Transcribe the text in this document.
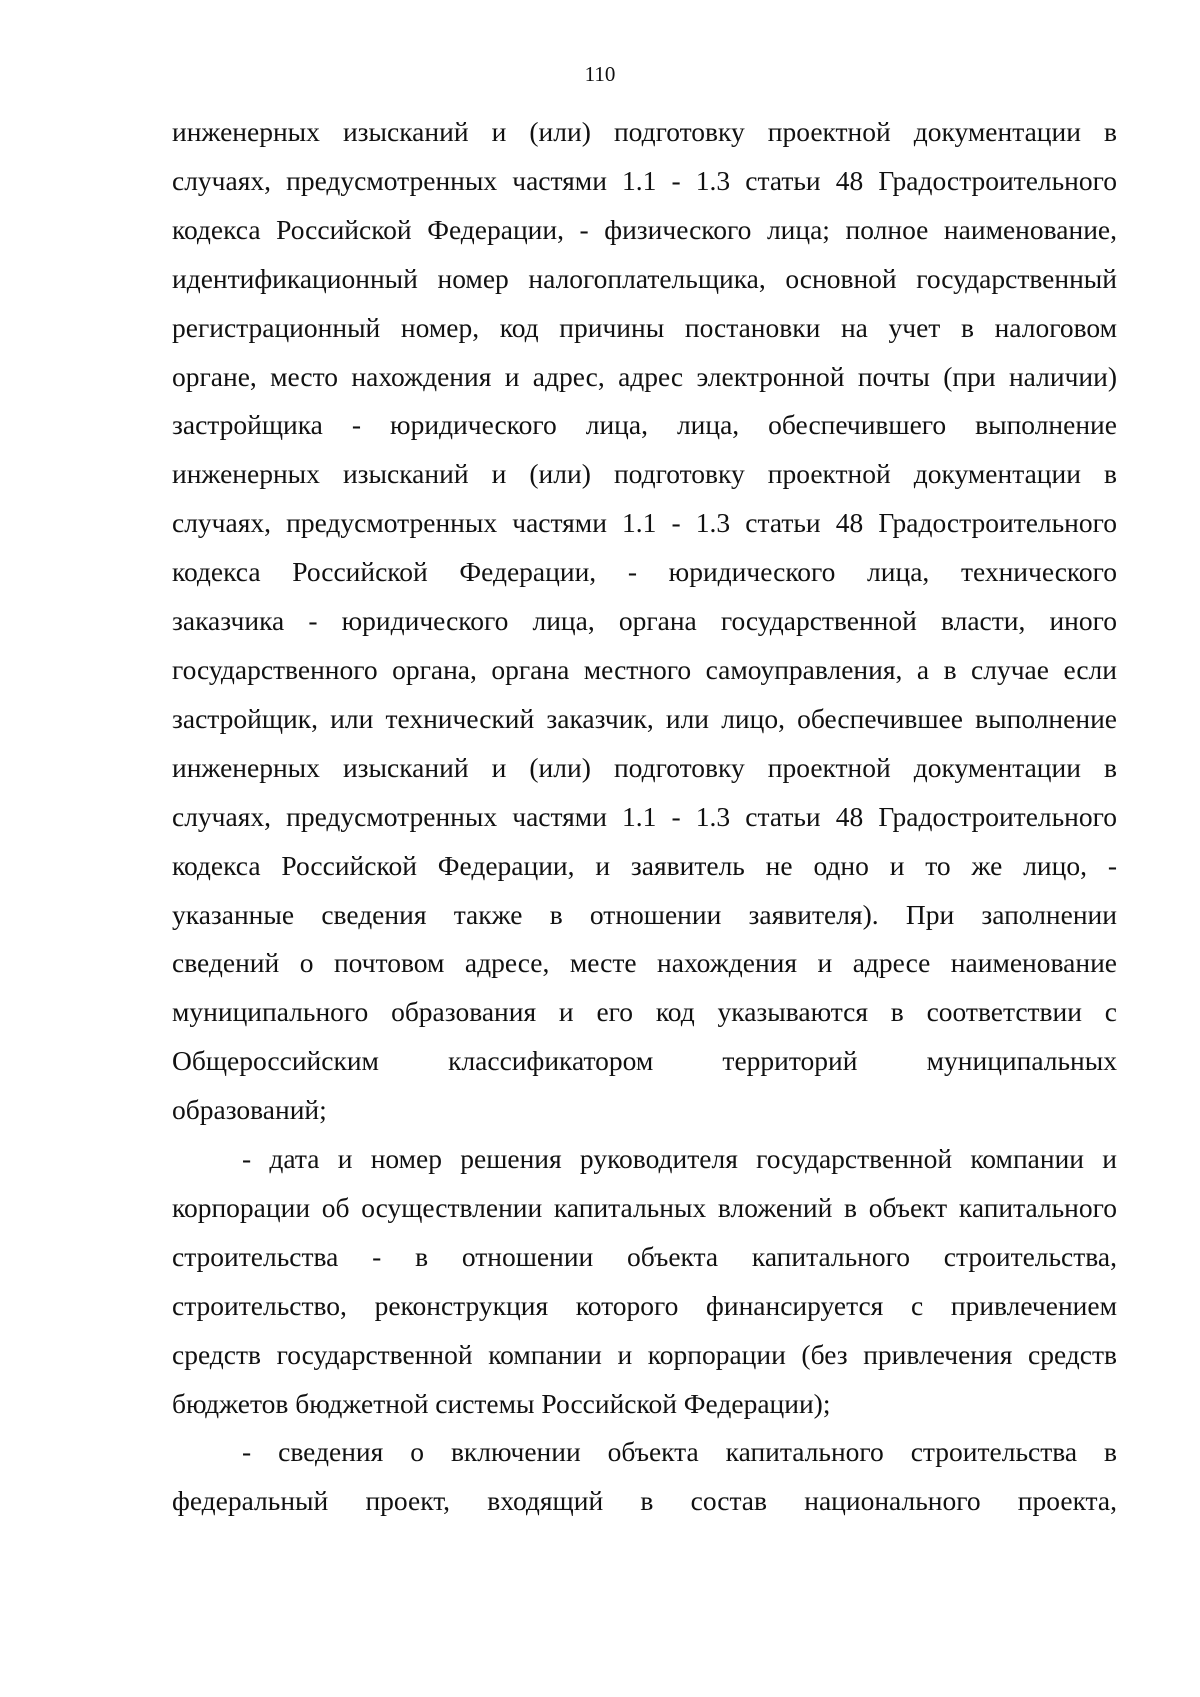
110
инженерных изысканий и (или) подготовку проектной документации в
случаях, предусмотренных частями 1.1 - 1.3 статьи 48 Градостроительного
кодекса Российской Федерации, - физического лица; полное наименование,
идентификационный номер налогоплательщика, основной государственный
регистрационный номер, код причины постановки на учет в налоговом
органе, место нахождения и адрес, адрес электронной почты (при наличии)
застройщика - юридического лица, лица, обеспечившего выполнение
инженерных изысканий и (или) подготовку проектной документации в
случаях, предусмотренных частями 1.1 - 1.3 статьи 48 Градостроительного
кодекса Российской Федерации, - юридического лица, технического
заказчика - юридического лица, органа государственной власти, иного
государственного органа, органа местного самоуправления, а в случае если
застройщик, или технический заказчик, или лицо, обеспечившее выполнение
инженерных изысканий и (или) подготовку проектной документации в
случаях, предусмотренных частями 1.1 - 1.3 статьи 48 Градостроительного
кодекса Российской Федерации, и заявитель не одно и то же лицо, -
указанные сведения также в отношении заявителя). При заполнении
сведений о почтовом адресе, месте нахождения и адресе наименование
муниципального образования и его код указываются в соответствии с
Общероссийским классификатором территорий муниципальных
образований;
- дата и номер решения руководителя государственной компании и
корпорации об осуществлении капитальных вложений в объект капитального
строительства - в отношении объекта капитального строительства,
строительство, реконструкция которого финансируется с привлечением
средств государственной компании и корпорации (без привлечения средств
бюджетов бюджетной системы Российской Федерации);
- сведения о включении объекта капитального строительства в
федеральный проект, входящий в состав национального проекта,
